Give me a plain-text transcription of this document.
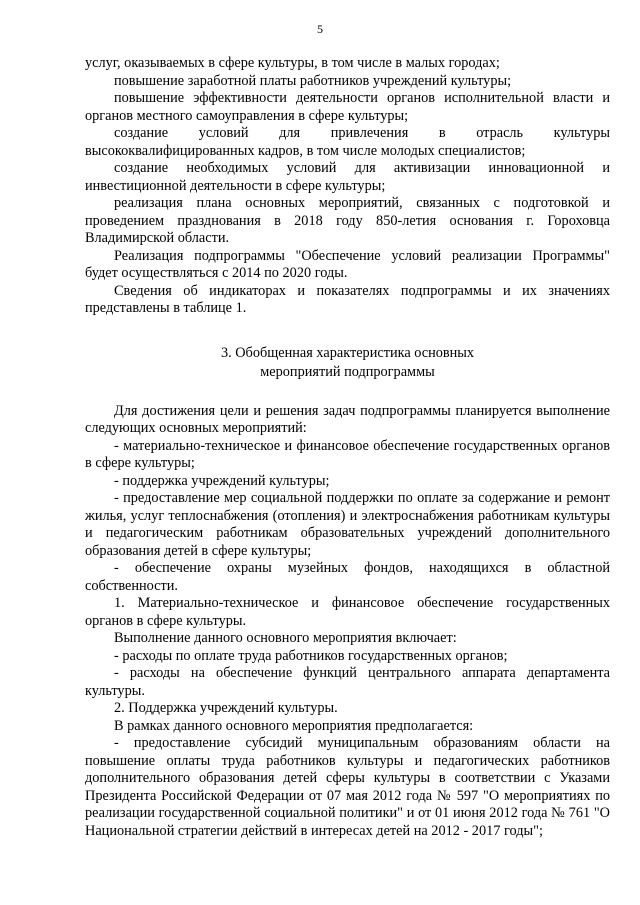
5

услуг, оказываемых в сфере культуры, в том числе в малых городах;

повышение заработной платы работников учреждений культуры;

повышение эффективности деятельности органов исполнительной власти и органов местного самоуправления в сфере культуры;

создание условий для привлечения в отрасль культуры высококвалифицированных кадров, в том числе молодых специалистов;

создание необходимых условий для активизации инновационной и инвестиционной деятельности в сфере культуры;

реализация плана основных мероприятий, связанных с подготовкой и проведением празднования в 2018 году 850-летия основания г. Гороховца Владимирской области.

Реализация подпрограммы "Обеспечение условий реализации Программы" будет осуществляться с 2014 по 2020 годы.

Сведения об индикаторах и показателях подпрограммы и их значениях представлены в таблице 1.

3. Обобщенная характеристика основных
мероприятий подпрограммы

Для достижения цели и решения задач подпрограммы планируется выполнение следующих основных мероприятий:

- материально-техническое и финансовое обеспечение государственных органов в сфере культуры;

- поддержка учреждений культуры;

- предоставление мер социальной поддержки по оплате за содержание и ремонт жилья, услуг теплоснабжения (отопления) и электроснабжения работникам культуры и педагогическим работникам образовательных учреждений дополнительного образования детей в сфере культуры;

- обеспечение охраны музейных фондов, находящихся в областной собственности.

1. Материально-техническое и финансовое обеспечение государственных органов в сфере культуры.

Выполнение данного основного мероприятия включает:

- расходы по оплате труда работников государственных органов;

- расходы на обеспечение функций центрального аппарата департамента культуры.

2. Поддержка учреждений культуры.

В рамках данного основного мероприятия предполагается:

- предоставление субсидий муниципальным образованиям области на повышение оплаты труда работников культуры и педагогических работников дополнительного образования детей сферы культуры в соответствии с Указами Президента Российской Федерации от 07 мая 2012 года № 597 "О мероприятиях по реализации государственной социальной политики" и от 01 июня 2012 года № 761 "О Национальной стратегии действий в интересах детей на 2012 - 2017 годы";
